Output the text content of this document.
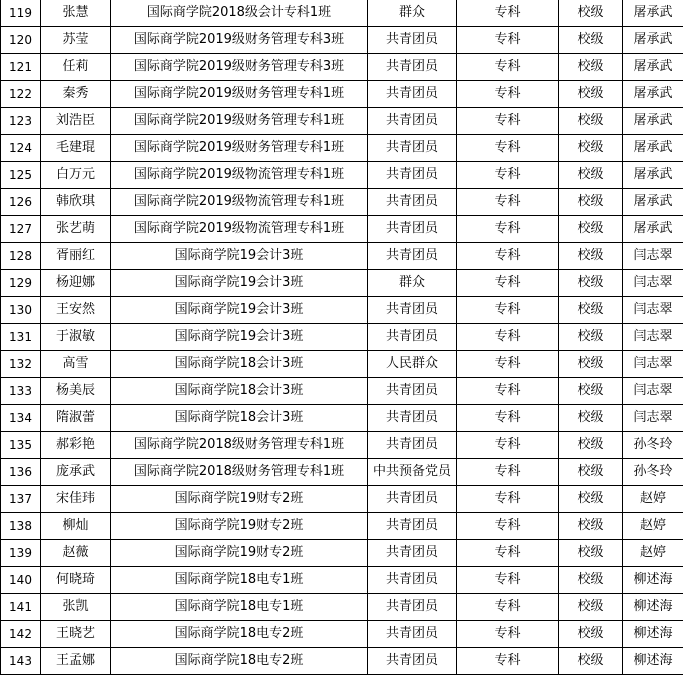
119	张慧	国际商学院2018级会计专科1班	群众	专科	校级	屠承武
120	苏莹	国际商学院2019级财务管理专科3班	共青团员	专科	校级	屠承武
121	任莉	国际商学院2019级财务管理专科3班	共青团员	专科	校级	屠承武
122	秦秀	国际商学院2019级财务管理专科1班	共青团员	专科	校级	屠承武
123	刘浩臣	国际商学院2019级财务管理专科1班	共青团员	专科	校级	屠承武
124	毛建琨	国际商学院2019级财务管理专科1班	共青团员	专科	校级	屠承武
125	白万元	国际商学院2019级物流管理专科1班	共青团员	专科	校级	屠承武
126	韩欣琪	国际商学院2019级物流管理专科1班	共青团员	专科	校级	屠承武
127	张艺萌	国际商学院2019级物流管理专科1班	共青团员	专科	校级	屠承武
128	胥丽红	国际商学院19会计3班	共青团员	专科	校级	闫志翠
129	杨迎娜	国际商学院19会计3班	群众	专科	校级	闫志翠
130	王安然	国际商学院19会计3班	共青团员	专科	校级	闫志翠
131	于淑敏	国际商学院19会计3班	共青团员	专科	校级	闫志翠
132	高雪	国际商学院18会计3班	人民群众	专科	校级	闫志翠
133	杨美辰	国际商学院18会计3班	共青团员	专科	校级	闫志翠
134	隋淑蕾	国际商学院18会计3班	共青团员	专科	校级	闫志翠
135	郝彩艳	国际商学院2018级财务管理专科1班	共青团员	专科	校级	孙冬玲
136	庞承武	国际商学院2018级财务管理专科1班	中共预备党员	专科	校级	孙冬玲
137	宋佳玮	国际商学院19财专2班	共青团员	专科	校级	赵婷
138	柳灿	国际商学院19财专2班	共青团员	专科	校级	赵婷
139	赵薇	国际商学院19财专2班	共青团员	专科	校级	赵婷
140	何晓琦	国际商学院18电专1班	共青团员	专科	校级	柳述海
141	张凯	国际商学院18电专1班	共青团员	专科	校级	柳述海
142	王晓艺	国际商学院18电专2班	共青团员	专科	校级	柳述海
143	王孟娜	国际商学院18电专2班	共青团员	专科	校级	柳述海
